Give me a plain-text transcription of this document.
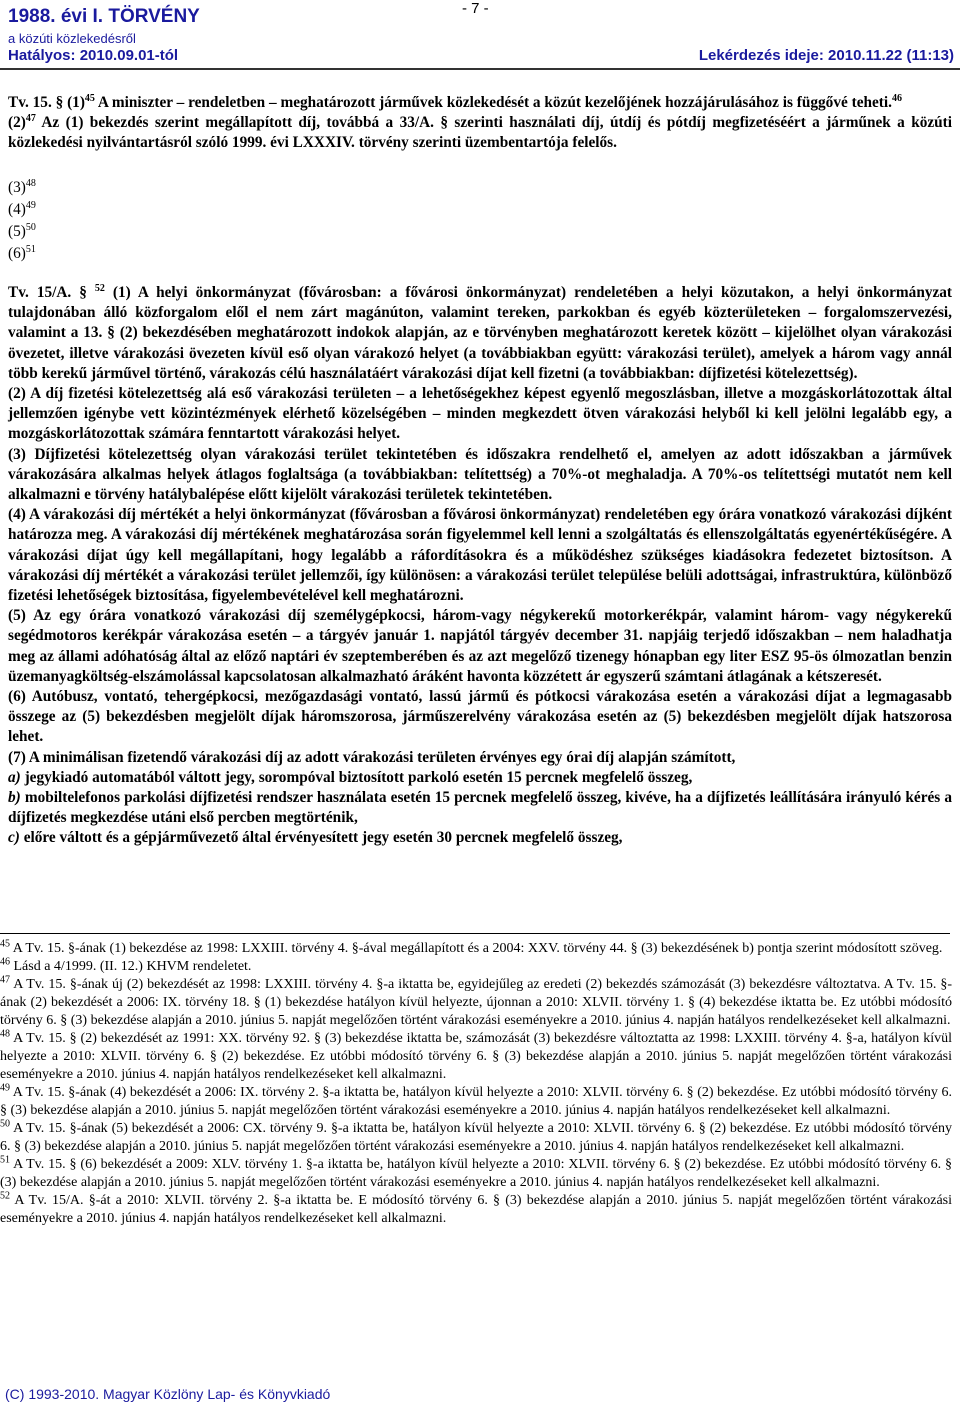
- 7 -
1988. évi I. TÖRVÉNY
a közúti közlekedésről
Hatályos: 2010.09.01-tól	Lekérdezés ideje: 2010.11.22 (11:13)

Tv. 15. § $(1)^{45}$ A miniszter – rendeletben – meghatározott járművek közlekedését a közút kezelőjének hozzájárulásához is függővé teheti.$^{46}$

$(2)^{47}$ Az (1) bekezdés szerint megállapított díj, továbbá a 33/A. § szerinti használati díj, útdíj és pótdíj megfizetéséért a járműnek a közúti közlekedési nyilvántartásról szóló 1999. évi LXXXIV. törvény szerinti üzembentartója felelős.

$(3)^{48}$

$(4)^{49}$

$(5)^{50}$

$(6)^{51}$

Tv. 15/A. § $^{52}$ (1) A helyi önkormányzat (fővárosban: a fővárosi önkormányzat) rendeletében a helyi közutakon, a helyi önkormányzat tulajdonában álló közforgalom elől el nem zárt magánúton, valamint tereken, parkokban és egyéb közterületeken – forgalomszervezési, valamint a 13. § (2) bekezdésében meghatározott indokok alapján, az e törvényben meghatározott keretek között – kijelölhet olyan várakozási övezetet, illetve várakozási övezeten kívül eső olyan várakozó helyet (a továbbiakban együtt: várakozási terület), amelyek a három vagy annál több kerekű járművel történő, várakozás célú használatáért várakozási díjat kell fizetni (a továbbiakban: díjfizetési kötelezettség).

(2) A díj fizetési kötelezettség alá eső várakozási területen – a lehetőségekhez képest egyenlő megoszlásban, illetve a mozgáskorlátozottak által jellemzően igénybe vett közintézmények elérhető közelségében – minden megkezdett ötven várakozási helyből ki kell jelölni legalább egy, a mozgáskorlátozottak számára fenntartott várakozási helyet.

(3) Díjfizetési kötelezettség olyan várakozási terület tekintetében és időszakra rendelhető el, amelyen az adott időszakban a járművek várakozására alkalmas helyek átlagos foglaltsága (a továbbiakban: telítettség) a 70%-ot meghaladja. A 70%-os telítettségi mutatót nem kell alkalmazni e törvény hatálybalépése előtt kijelölt várakozási területek tekintetében.

(4) A várakozási díj mértékét a helyi önkormányzat (fővárosban a fővárosi önkormányzat) rendeletében egy órára vonatkozó várakozási díjként határozza meg. A várakozási díj mértékének meghatározása során figyelemmel kell lenni a szolgáltatás és ellenszolgáltatás egyenértékűségére. A várakozási díjat úgy kell megállapítani, hogy legalább a ráfordításokra és a működéshez szükséges kiadásokra fedezetet biztosítson. A várakozási díj mértékét a várakozási terület jellemzői, így különösen: a várakozási terület települése belüli adottságai, infrastruktúra, különböző fizetési lehetőségek biztosítása, figyelembevételével kell meghatározni.

(5) Az egy órára vonatkozó várakozási díj személygépkocsi, három-vagy négykerekű motorkerékpár, valamint három- vagy négykerekű segédmotoros kerékpár várakozása esetén – a tárgyév január 1. napjától tárgyév december 31. napjáig terjedő időszakban – nem haladhatja meg az állami adóhatóság által az előző naptári év szeptemberében és az azt megelőző tizenegy hónapban egy liter ESZ 95-ös ólmozatlan benzin üzemanyagköltség-elszámolással kapcsolatosan alkalmazható áráként havonta közzétett ár egyszerű számtani átlagának a kétszeresét.

(6) Autóbusz, vontató, tehergépkocsi, mezőgazdasági vontató, lassú jármű és pótkocsi várakozása esetén a várakozási díjat a legmagasabb összege az (5) bekezdésben megjelölt díjak háromszorosa, járműszerelvény várakozása esetén az (5) bekezdésben megjelölt díjak hatszorosa lehet.

(7) A minimálisan fizetendő várakozási díj az adott várakozási területen érvényes egy órai díj alapján számított,

a) jegykiadó automatából váltott jegy, sorompóval biztosított parkoló esetén 15 percnek megfelelő összeg,

b) mobiltelefonos parkolási díjfizetési rendszer használata esetén 15 percnek megfelelő összeg, kivéve, ha a díjfizetés leállítására irányuló kérés a díjfizetés megkezdése utáni első percben megtörténik,

c) előre váltott és a gépjárművezető által érvényesített jegy esetén 30 percnek megfelelő összeg,

$^{45}$ A Tv. 15. §-ának (1) bekezdése az 1998: LXXIII. törvény 4. §-ával megállapított és a 2004: XXV. törvény 44. § (3) bekezdésének b) pontja szerint módosított szöveg.

$^{46}$ Lásd a 4/1999. (II. 12.) KHVM rendeletet.

$^{47}$ A Tv. 15. §-ának új (2) bekezdését az 1998: LXXIII. törvény 4. §-a iktatta be, egyidejűleg az eredeti (2) bekezdés számozását (3) bekezdésre változtatva. A Tv. 15. §-ának (2) bekezdését a 2006: IX. törvény 18. § (1) bekezdése hatályon kívül helyezte, újonnan a 2010: XLVII. törvény 1. § (4) bekezdése iktatta be. Ez utóbbi módosító törvény 6. § (3) bekezdése alapján a 2010. június 5. napját megelőzően történt várakozási eseményekre a 2010. június 4. napján hatályos rendelkezéseket kell alkalmazni.

$^{48}$ A Tv. 15. § (2) bekezdését az 1991: XX. törvény 92. § (3) bekezdése iktatta be, számozását (3) bekezdésre változtatta az 1998: LXXIII. törvény 4. §-a, hatályon kívül helyezte a 2010: XLVII. törvény 6. § (2) bekezdése. Ez utóbbi módosító törvény 6. § (3) bekezdése alapján a 2010. június 5. napját megelőzően történt várakozási eseményekre a 2010. június 4. napján hatályos rendelkezéseket kell alkalmazni.

$^{49}$ A Tv. 15. §-ának (4) bekezdését a 2006: IX. törvény 2. §-a iktatta be, hatályon kívül helyezte a 2010: XLVII. törvény 6. § (2) bekezdése. Ez utóbbi módosító törvény 6. § (3) bekezdése alapján a 2010. június 5. napját megelőzően történt várakozási eseményekre a 2010. június 4. napján hatályos rendelkezéseket kell alkalmazni.

$^{50}$ A Tv. 15. §-ának (5) bekezdését a 2006: CX. törvény 9. §-a iktatta be, hatályon kívül helyezte a 2010: XLVII. törvény 6. § (2) bekezdése. Ez utóbbi módosító törvény 6. § (3) bekezdése alapján a 2010. június 5. napját megelőzően történt várakozási eseményekre a 2010. június 4. napján hatályos rendelkezéseket kell alkalmazni.

$^{51}$ A Tv. 15. § (6) bekezdését a 2009: XLV. törvény 1. §-a iktatta be, hatályon kívül helyezte a 2010: XLVII. törvény 6. § (2) bekezdése. Ez utóbbi módosító törvény 6. § (3) bekezdése alapján a 2010. június 5. napját megelőzően történt várakozási eseményekre a 2010. június 4. napján hatályos rendelkezéseket kell alkalmazni.

$^{52}$ A Tv. 15/A. §-át a 2010: XLVII. törvény 2. §-a iktatta be. E módosító törvény 6. § (3) bekezdése alapján a 2010. június 5. napját megelőzően történt várakozási eseményekre a 2010. június 4. napján hatályos rendelkezéseket kell alkalmazni.

(C) 1993-2010. Magyar Közlöny Lap- és Könyvkiadó
